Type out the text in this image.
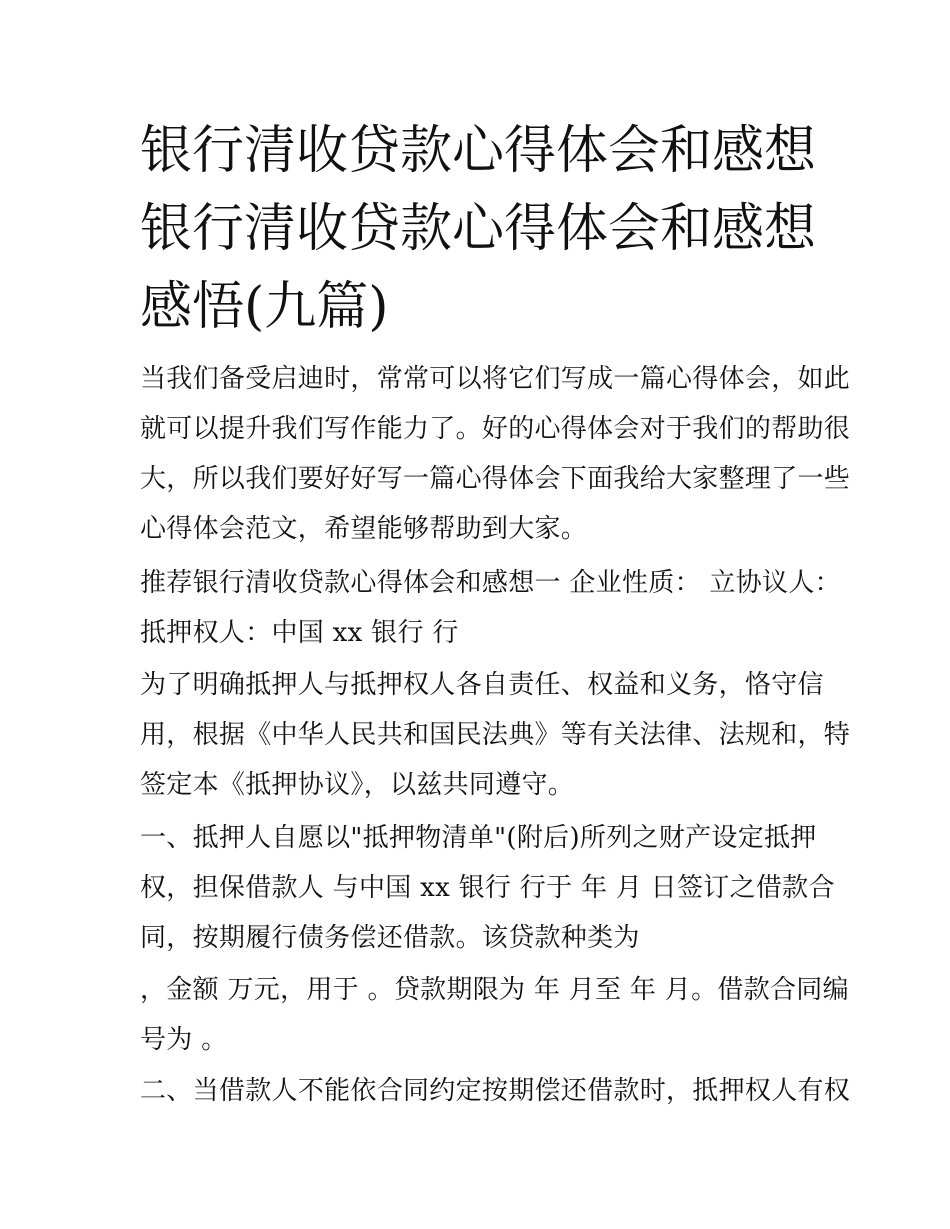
银行清收贷款心得体会和感想
银行清收贷款心得体会和感想
感悟(九篇)
当我们备受启迪时，常常可以将它们写成一篇心得体会，如此
就可以提升我们写作能力了。好的心得体会对于我们的帮助很
大，所以我们要好好写一篇心得体会下面我给大家整理了一些
心得体会范文，希望能够帮助到大家。
推荐银行清收贷款心得体会和感想一 企业性质： 立协议人：
抵押权人：中国 xx 银行 行
为了明确抵押人与抵押权人各自责任、权益和义务，恪守信
用，根据《中华人民共和国民法典》等有关法律、法规和，特
签定本《抵押协议》，以兹共同遵守。
一、抵押人自愿以"抵押物清单"(附后)所列之财产设定抵押
权，担保借款人 与中国 xx 银行 行于 年 月 日签订之借款合
同，按期履行债务偿还借款。该贷款种类为
，金额 万元，用于 。贷款期限为 年 月至 年 月。借款合同编
号为 。
二、当借款人不能依合同约定按期偿还借款时，抵押权人有权
